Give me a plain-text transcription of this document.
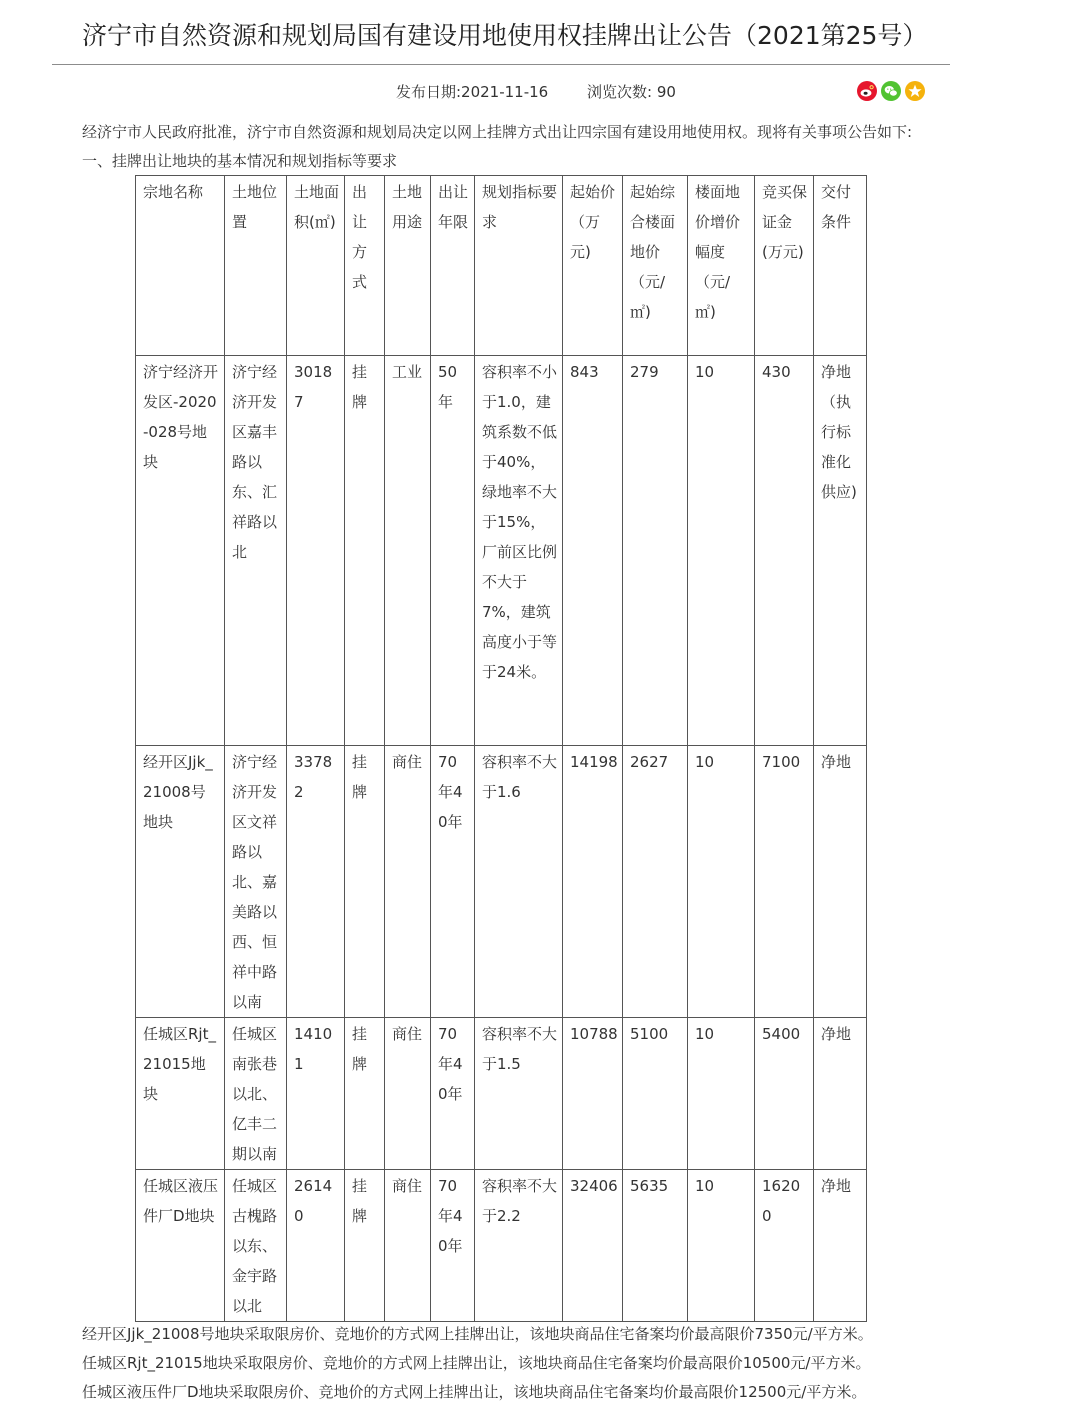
济宁市自然资源和规划局国有建设用地使用权挂牌出让公告（2021第25号）
发布日期:2021-11-16	浏览次数: 90
经济宁市人民政府批准，济宁市自然资源和规划局决定以网上挂牌方式出让四宗国有建设用地使用权。现将有关事项公告如下:
一、挂牌出让地块的基本情况和规划指标等要求
宗地名称	土地位置	土地面积(㎡)	出让方式	土地用途	出让年限	规划指标要求	起始价（万元)	起始综合楼面地价（元/㎡)	楼面地价增价幅度（元/㎡)	竞买保证金(万元)	交付条件
济宁经济开发区-2020-028号地块	济宁经济开发区嘉丰路以东、汇祥路以北	30187	挂牌	工业	50年	容积率不小于1.0，建筑系数不低于40%，绿地率不大于15%，厂前区比例不大于7%，建筑高度小于等于24米。	843	279	10	430	净地（执行标准化供应)
经开区Jjk_21008号地块	济宁经济开发区文祥路以北、嘉美路以西、恒祥中路以南	33782	挂牌	商住	70年40年	容积率不大于1.6	14198	2627	10	7100	净地
任城区Rjt_21015地块	任城区南张巷以北、亿丰二期以南	14101	挂牌	商住	70年40年	容积率不大于1.5	10788	5100	10	5400	净地
任城区液压件厂D地块	任城区古槐路以东、金宇路以北	26140	挂牌	商住	70年40年	容积率不大于2.2	32406	5635	10	16200	净地
经开区Jjk_21008号地块采取限房价、竞地价的方式网上挂牌出让，该地块商品住宅备案均价最高限价7350元/平方米。
任城区Rjt_21015地块采取限房价、竞地价的方式网上挂牌出让，该地块商品住宅备案均价最高限价10500元/平方米。
任城区液压件厂D地块采取限房价、竞地价的方式网上挂牌出让，该地块商品住宅备案均价最高限价12500元/平方米。
